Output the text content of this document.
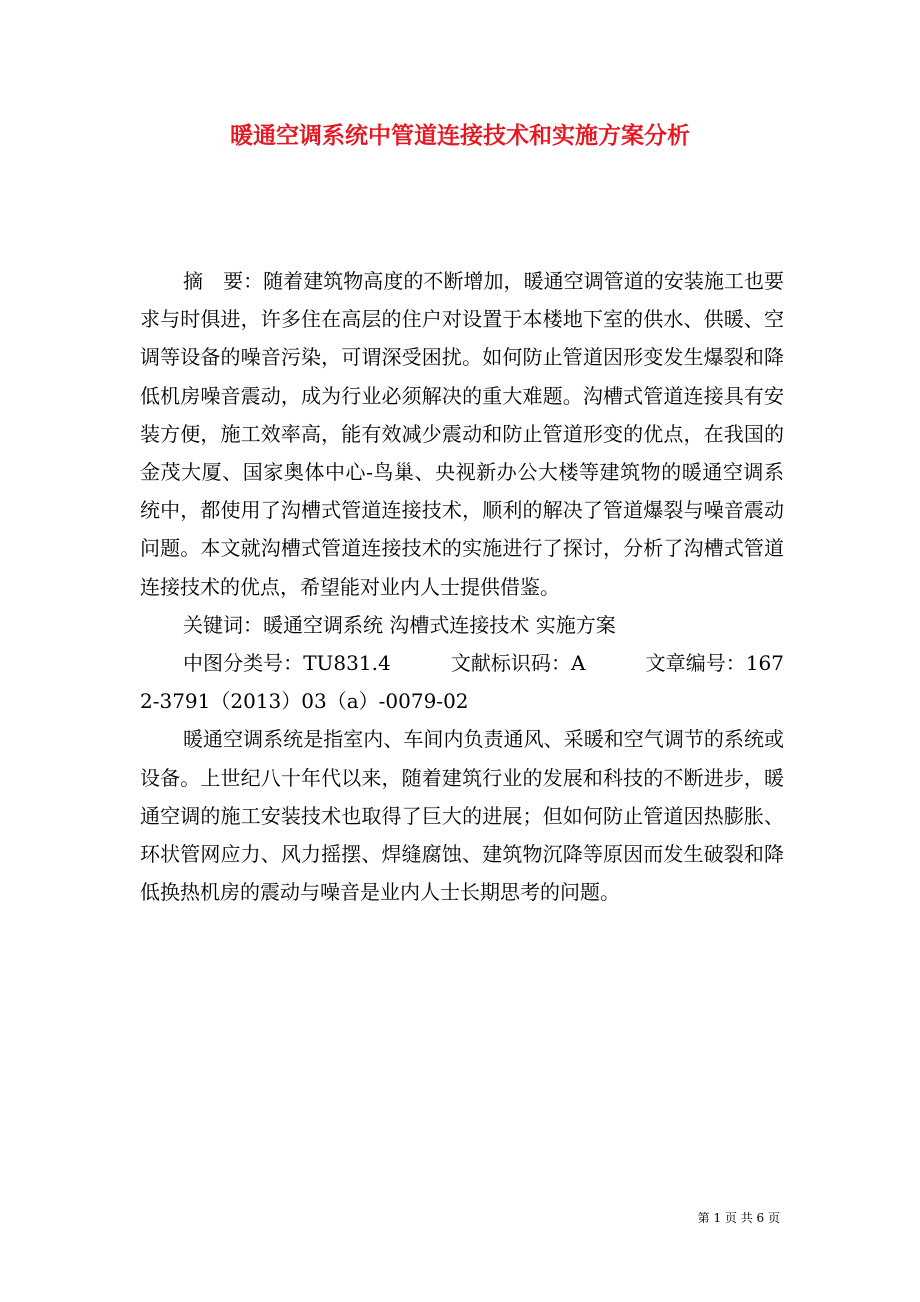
暖通空调系统中管道连接技术和实施方案分析

摘　要：随着建筑物高度的不断增加，暖通空调管道的安装施工也要求与时俱进，许多住在高层的住户对设置于本楼地下室的供水、供暖、空调等设备的噪音污染，可谓深受困扰。如何防止管道因形变发生爆裂和降低机房噪音震动，成为行业必须解决的重大难题。沟槽式管道连接具有安装方便，施工效率高，能有效减少震动和防止管道形变的优点，在我国的金茂大厦、国家奥体中心-鸟巢、央视新办公大楼等建筑物的暖通空调系统中，都使用了沟槽式管道连接技术，顺利的解决了管道爆裂与噪音震动问题。本文就沟槽式管道连接技术的实施进行了探讨，分析了沟槽式管道连接技术的优点，希望能对业内人士提供借鉴。

关键词：暖通空调系统 沟槽式连接技术 实施方案

中图分类号：TU831.4　　　文献标识码：A　　　文章编号：1672-3791（2013）03（a）-0079-02

暖通空调系统是指室内、车间内负责通风、采暖和空气调节的系统或设备。上世纪八十年代以来，随着建筑行业的发展和科技的不断进步，暖通空调的施工安装技术也取得了巨大的进展；但如何防止管道因热膨胀、环状管网应力、风力摇摆、焊缝腐蚀、建筑物沉降等原因而发生破裂和降低换热机房的震动与噪音是业内人士长期思考的问题。

第 1 页 共 6 页
